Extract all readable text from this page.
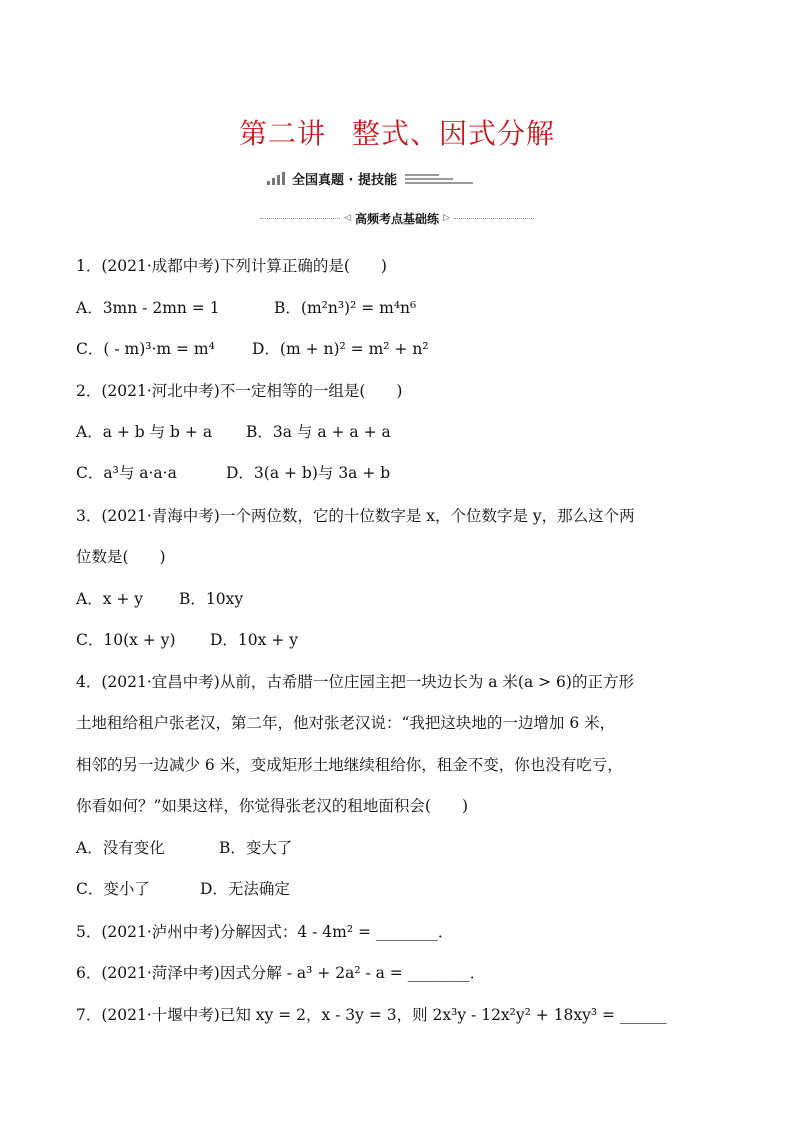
第二讲 整式、因式分解
全国真题 · 提技能
◁ 高频考点基础练 ▷
1．(2021·成都中考)下列计算正确的是(　　)
A．3mn - 2mn = 1	B．(m²n³)² = m⁴n⁶
C．( - m)³·m = m⁴ D．(m + n)² = m² + n²
2．(2021·河北中考)不一定相等的一组是(　　)
A．a + b 与 b + a B．3a 与 a + a + a
C．a³与 a·a·a	D．3(a + b)与 3a + b
3．(2021·青海中考)一个两位数，它的十位数字是 x，个位数字是 y，那么这个两
位数是(　　)
A．x + y B．10xy
C．10(x + y) D．10x + y
4．(2021·宜昌中考)从前，古希腊一位庄园主把一块边长为 a 米(a > 6)的正方形
土地租给租户张老汉，第二年，他对张老汉说：“我把这块地的一边增加 6 米，
相邻的另一边减少 6 米，变成矩形土地继续租给你，租金不变，你也没有吃亏，
你看如何？”如果这样，你觉得张老汉的租地面积会(　　)
A．没有变化	B．变大了
C．变小了	D．无法确定
5．(2021·泸州中考)分解因式：4 - 4m² = ________．
6．(2021·菏泽中考)因式分解 - a³ + 2a² - a = ________．
7．(2021·十堰中考)已知 xy = 2，x - 3y = 3，则 2x³y - 12x²y² + 18xy³ = ______
